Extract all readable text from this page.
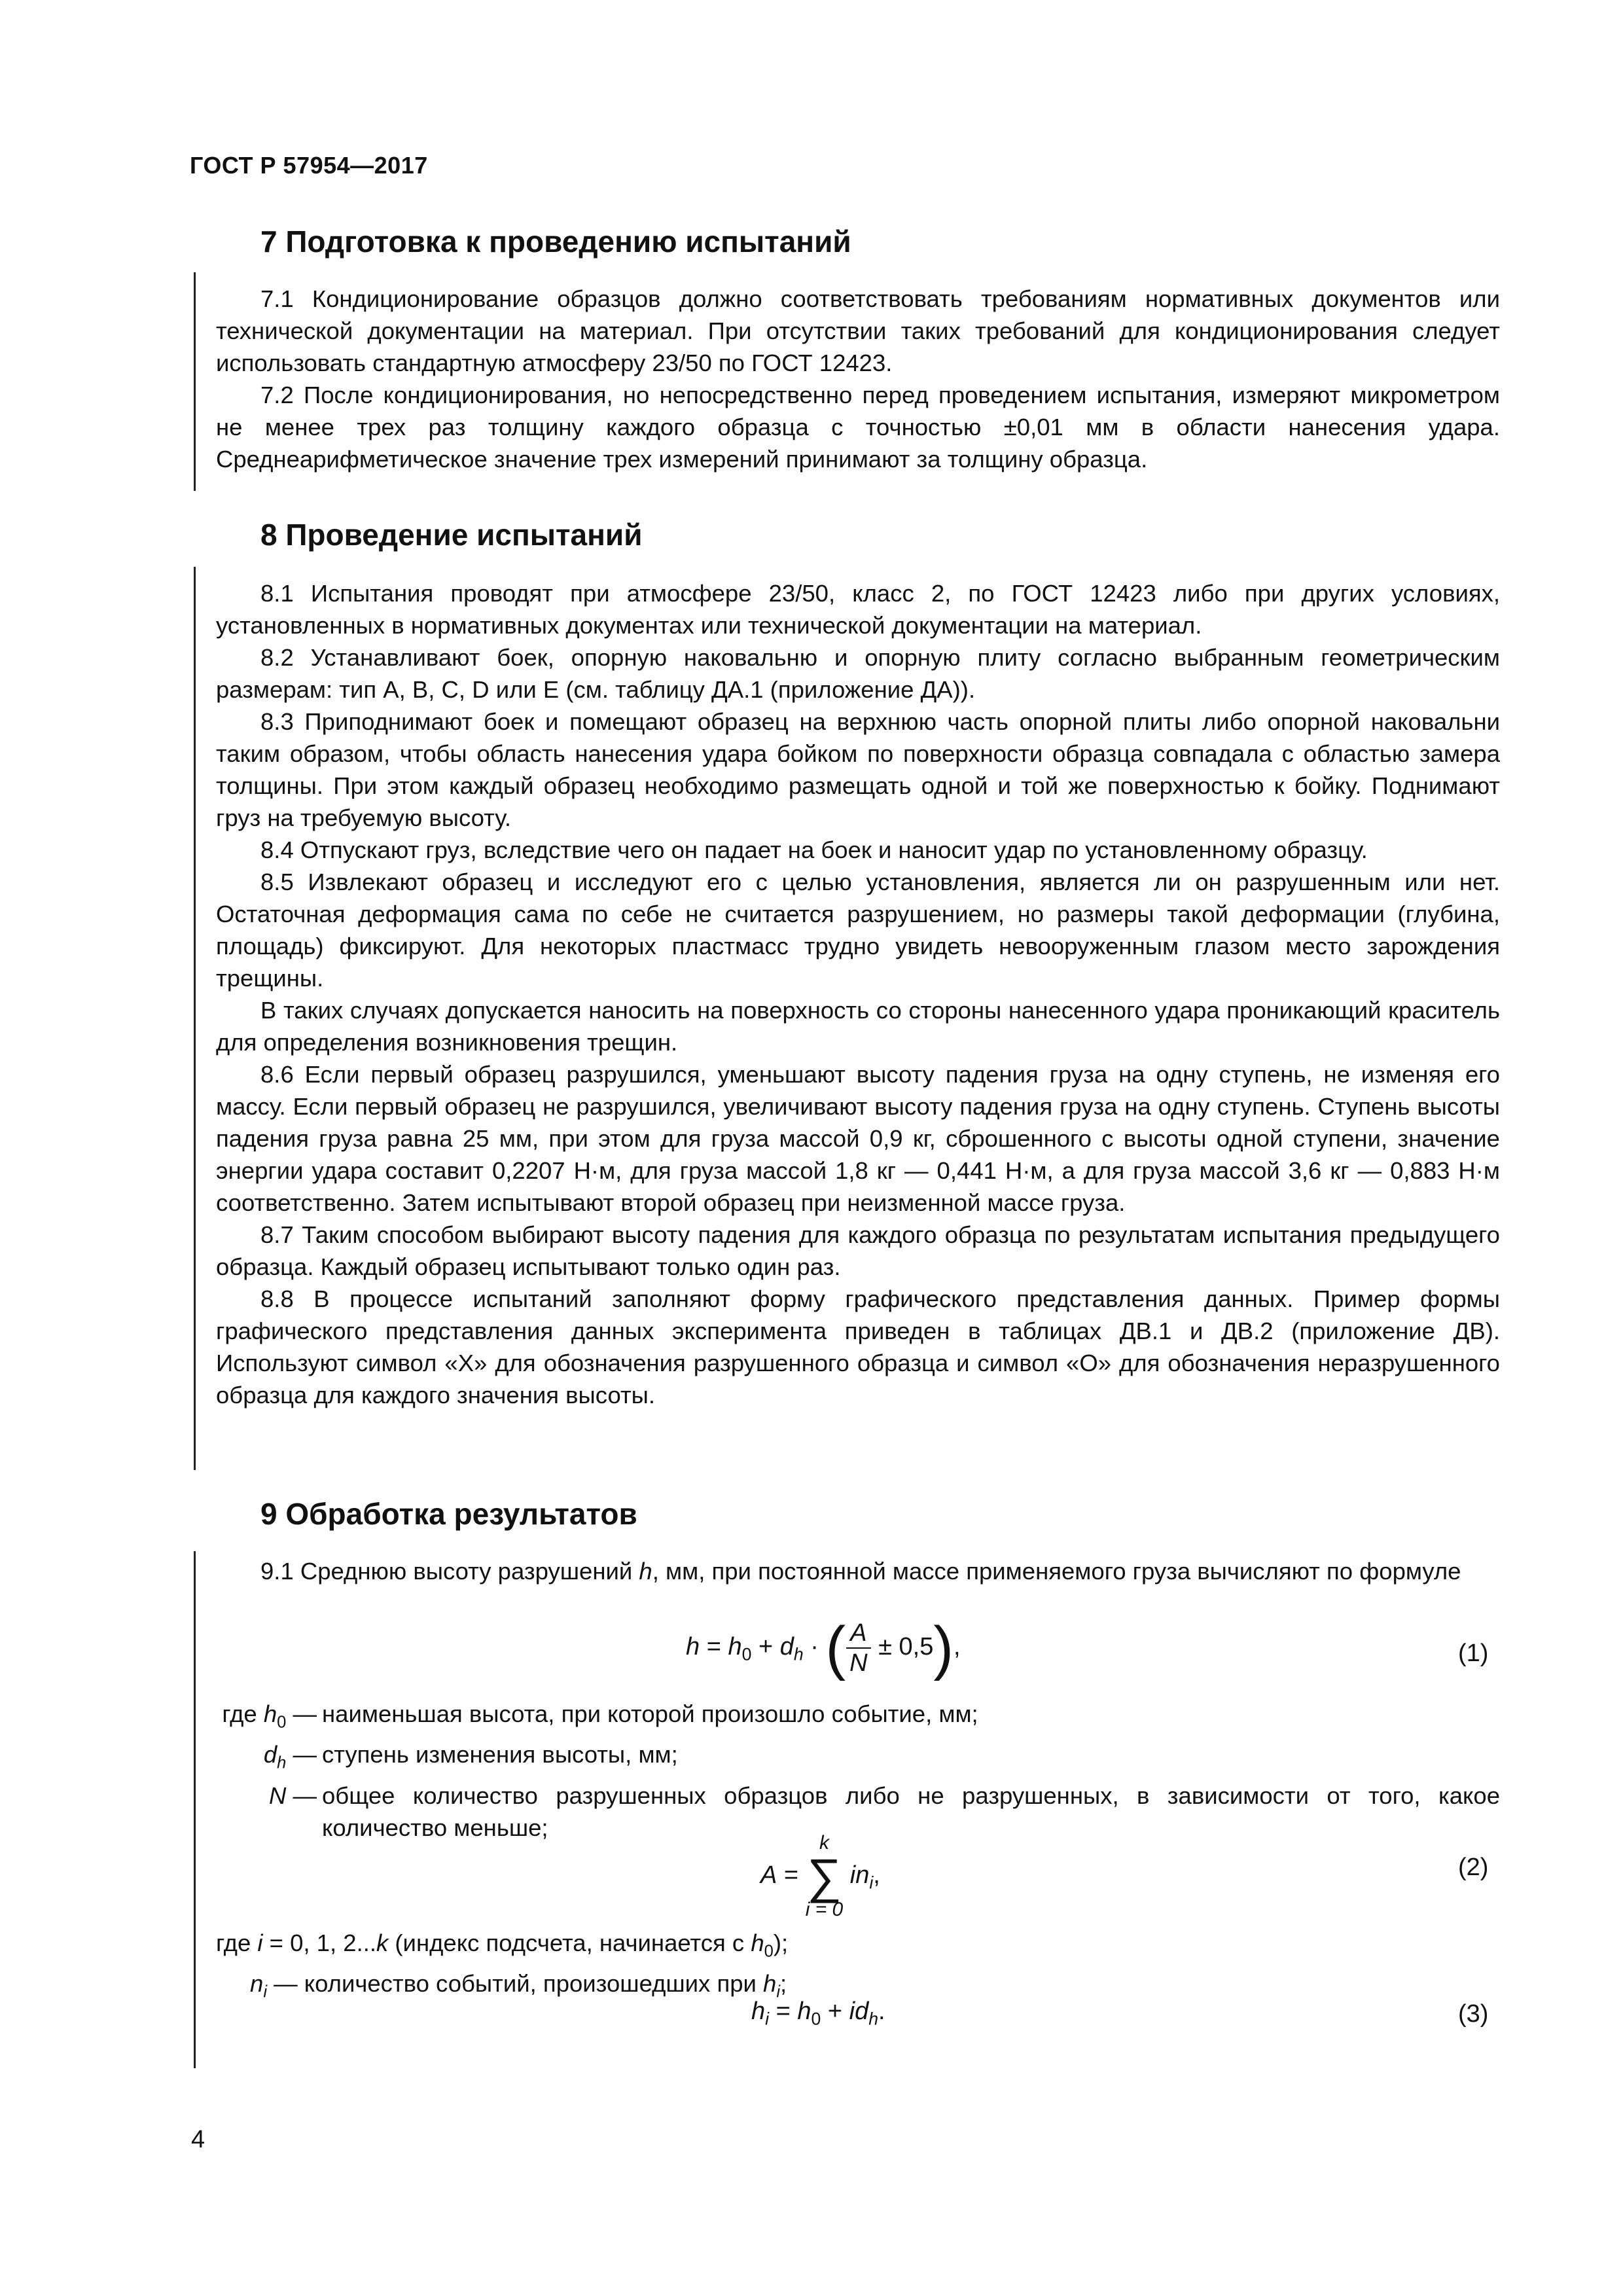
ГОСТ Р 57954—2017
7 Подготовка к проведению испытаний

7.1 Кондиционирование образцов должно соответствовать требованиям нормативных документов или технической документации на материал. При отсутствии таких требований для кондиционирования следует использовать стандартную атмосферу 23/50 по ГОСТ 12423.

7.2 После кондиционирования, но непосредственно перед проведением испытания, измеряют микрометром не менее трех раз толщину каждого образца с точностью ±0,01 мм в области нанесения удара. Среднеарифметическое значение трех измерений принимают за толщину образца.

8 Проведение испытаний

8.1 Испытания проводят при атмосфере 23/50, класс 2, по ГОСТ 12423 либо при других условиях, установленных в нормативных документах или технической документации на материал.

8.2 Устанавливают боек, опорную наковальню и опорную плиту согласно выбранным геометрическим размерам: тип А, В, С, D или Е (см. таблицу ДА.1 (приложение ДА)).

8.3 Приподнимают боек и помещают образец на верхнюю часть опорной плиты либо опорной наковальни таким образом, чтобы область нанесения удара бойком по поверхности образца совпадала с областью замера толщины. При этом каждый образец необходимо размещать одной и той же поверхностью к бойку. Поднимают груз на требуемую высоту.

8.4 Отпускают груз, вследствие чего он падает на боек и наносит удар по установленному образцу.

8.5 Извлекают образец и исследуют его с целью установления, является ли он разрушенным или нет. Остаточная деформация сама по себе не считается разрушением, но размеры такой деформации (глубина, площадь) фиксируют. Для некоторых пластмасс трудно увидеть невооруженным глазом место зарождения трещины.

В таких случаях допускается наносить на поверхность со стороны нанесенного удара проникающий краситель для определения возникновения трещин.

8.6 Если первый образец разрушился, уменьшают высоту падения груза на одну ступень, не изменяя его массу. Если первый образец не разрушился, увеличивают высоту падения груза на одну ступень. Ступень высоты падения груза равна 25 мм, при этом для груза массой 0,9 кг, сброшенного с высоты одной ступени, значение энергии удара составит 0,2207 Н·м, для груза массой 1,8 кг — 0,441 Н·м, а для груза массой 3,6 кг — 0,883 Н·м соответственно. Затем испытывают второй образец при неизменной массе груза.

8.7 Таким способом выбирают высоту падения для каждого образца по результатам испытания предыдущего образца. Каждый образец испытывают только один раз.

8.8 В процессе испытаний заполняют форму графического представления данных. Пример формы графического представления данных эксперимента приведен в таблицах ДВ.1 и ДВ.2 (приложение ДВ). Используют символ «Х» для обозначения разрушенного образца и символ «О» для обозначения неразрушенного образца для каждого значения высоты.

9 Обработка результатов

9.1 Среднюю высоту разрушений h, мм, при постоянной массе применяемого груза вычисляют по формуле

$h = h_0 + d_h$ · ( $\frac{A}{N} \pm 0,5$),	(1)
где $h_0$ — наименьшая высота, при которой произошло событие, мм;
$d_h$ — ступень изменения высоты, мм;
N — общее количество разрушенных образцов либо не разрушенных, в зависимости от того, какое количество меньше;
A =
k
∑
i = 0
$in_i$,	(2)
где i = 0, 1, 2...k (индекс подсчета, начинается с $h_0$);
$n_i$ — количество событий, произошедших при $h_i$;
$h_i = h_0 + id_h$.	(3)
4
